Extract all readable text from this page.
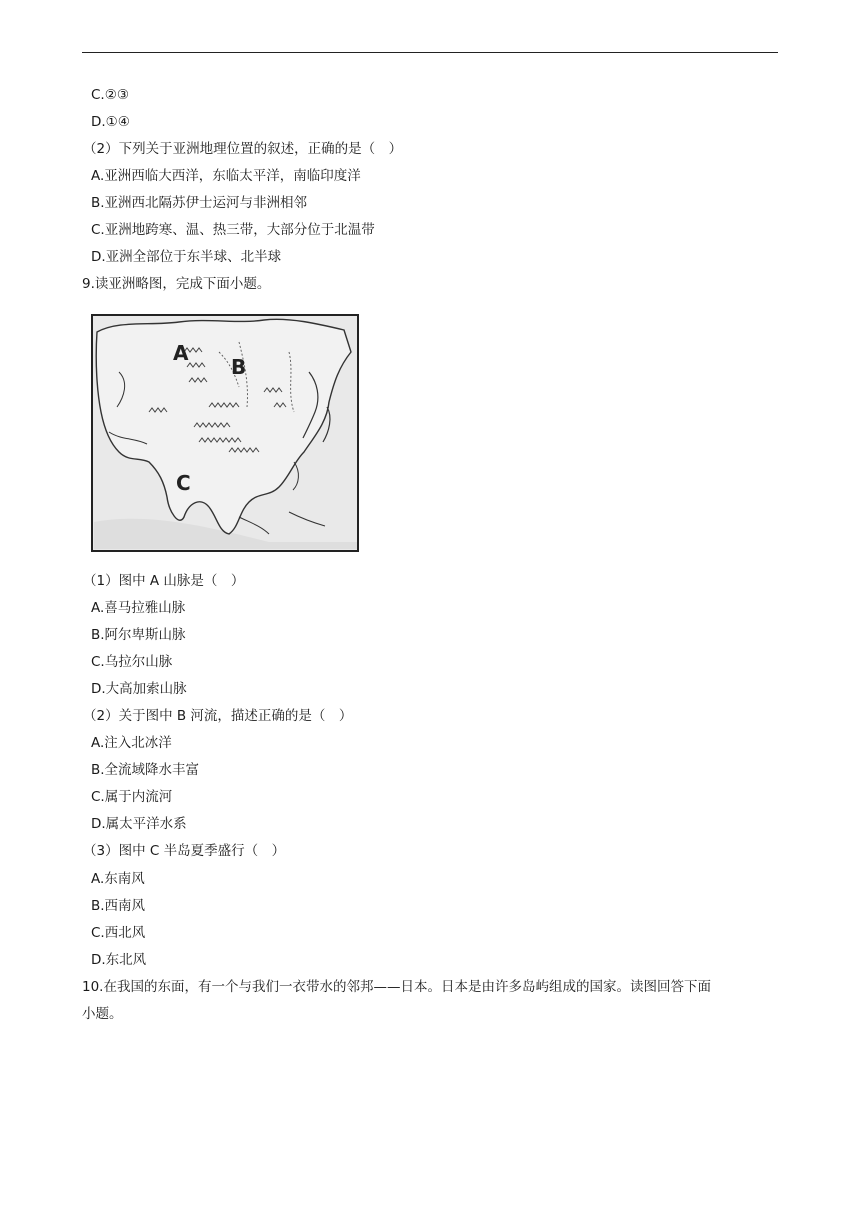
C.②③
D.①④
（2）下列关于亚洲地理位置的叙述，正确的是（　）
A.亚洲西临大西洋，东临太平洋，南临印度洋
B.亚洲西北隔苏伊士运河与非洲相邻
C.亚洲地跨寒、温、热三带，大部分位于北温带
D.亚洲全部位于东半球、北半球
9.读亚洲略图，完成下面小题。
A
B
C
（1）图中 A 山脉是（　）
A.喜马拉雅山脉
B.阿尔卑斯山脉
C.乌拉尔山脉
D.大高加索山脉
（2）关于图中 B 河流，描述正确的是（　）
A.注入北冰洋
B.全流域降水丰富
C.属于内流河
D.属太平洋水系
（3）图中 C 半岛夏季盛行（　）
A.东南风
B.西南风
C.西北风
D.东北风
10.在我国的东面，有一个与我们一衣带水的邻邦——日本。日本是由许多岛屿组成的国家。读图回答下面
小题。
